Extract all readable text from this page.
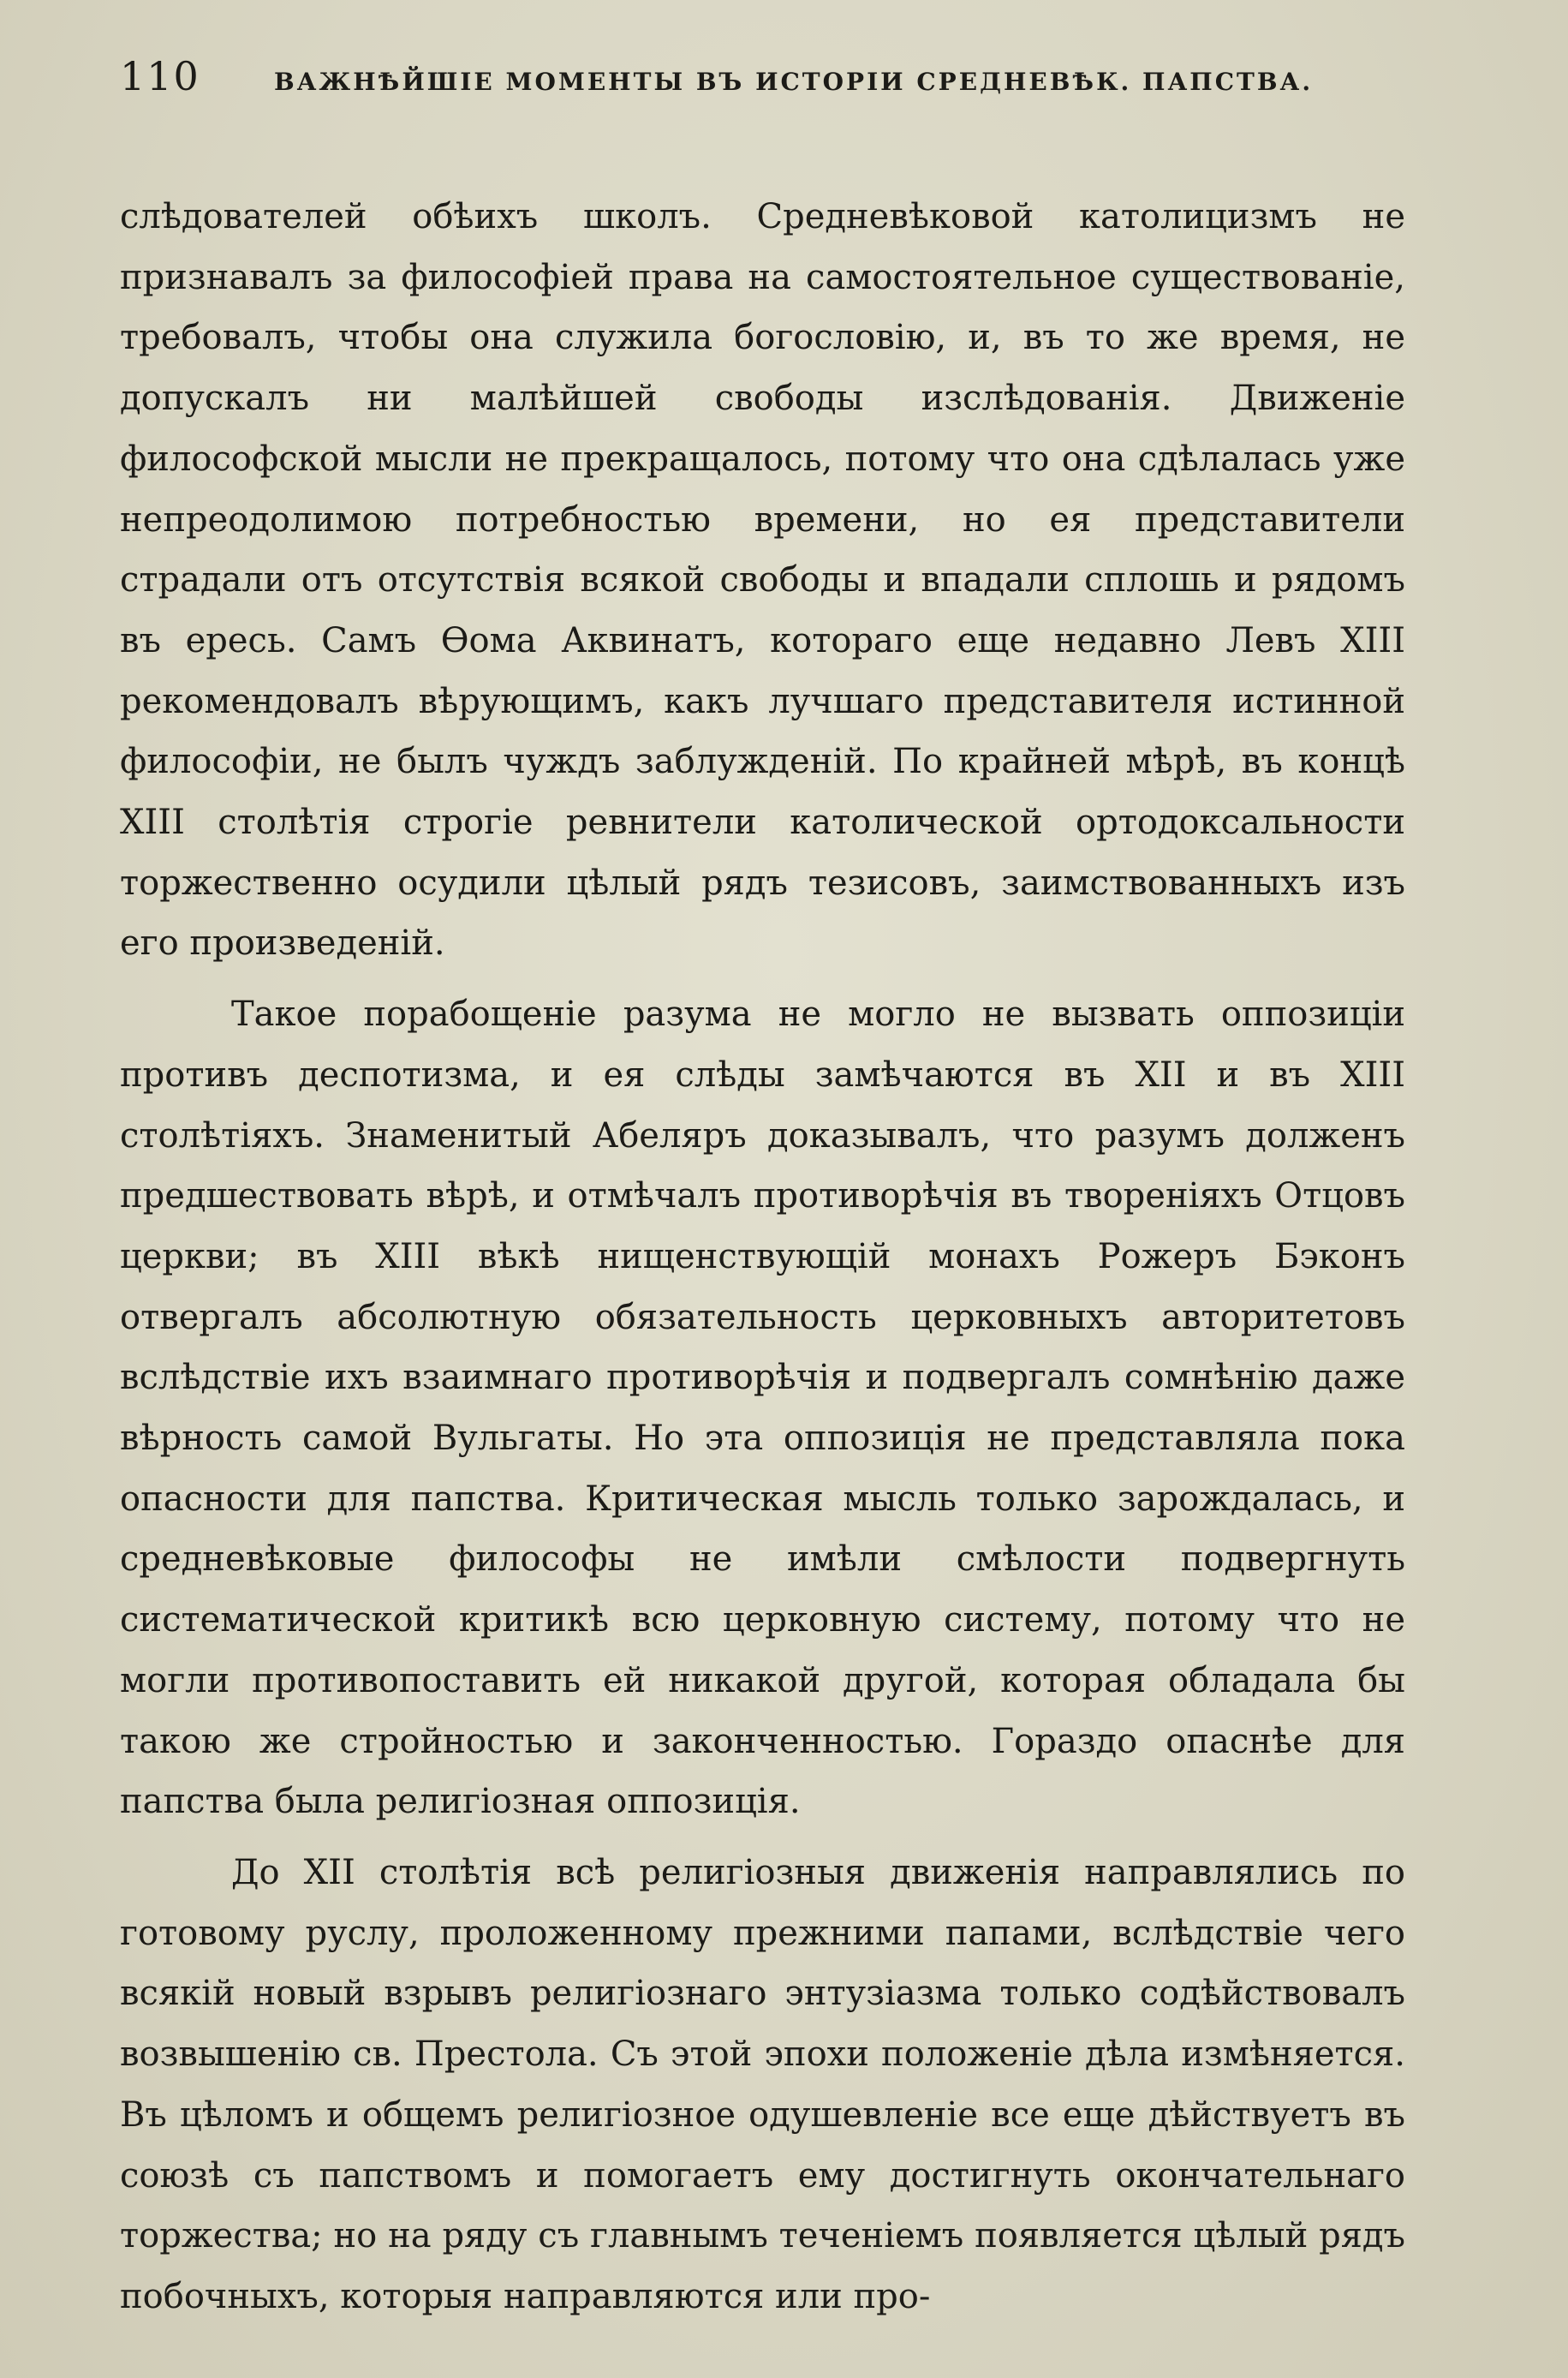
110	ВАЖНѢЙШІЕ МОМЕНТЫ ВЪ ИСТОРІИ СРЕДНЕВѢК. ПАПСТВА.

слѣдователей обѣихъ школъ. Средневѣковой католицизмъ не признавалъ за философіей права на самостоятельное существованіе, требовалъ, чтобы она служила богословію, и, въ то же время, не допускалъ ни малѣйшей свободы изслѣдованія. Движеніе философской мысли не прекращалось, потому что она сдѣлалась уже непреодолимою потребностью времени, но ея представители страдали отъ отсутствія всякой свободы и впадали сплошь и рядомъ въ ересь. Самъ Ѳома Аквинатъ, котораго еще недавно Левъ XIII рекомендовалъ вѣрующимъ, какъ лучшаго представителя истинной философіи, не былъ чуждъ заблужденій. По крайней мѣрѣ, въ концѣ XIII столѣтія строгіе ревнители католической ортодоксальности торжественно осудили цѣлый рядъ тезисовъ, заимствованныхъ изъ его произведеній.

Такое порабощеніе разума не могло не вызвать оппозиціи противъ деспотизма, и ея слѣды замѣчаются въ XII и въ XIII столѣтіяхъ. Знаменитый Абеляръ доказывалъ, что разумъ долженъ предшествовать вѣрѣ, и отмѣчалъ противорѣчія въ твореніяхъ Отцовъ церкви; въ XIII вѣкѣ нищенствующій монахъ Рожеръ Бэконъ отвергалъ абсолютную обязательность церковныхъ авторитетовъ вслѣдствіе ихъ взаимнаго противорѣчія и подвергалъ сомнѣнію даже вѣрность самой Вульгаты. Но эта оппозиція не представляла пока опасности для папства. Критическая мысль только зарождалась, и средневѣковые философы не имѣли смѣлости подвергнуть систематической критикѣ всю церковную систему, потому что не могли противопоставить ей никакой другой, которая обладала бы такою же стройностью и законченностью. Гораздо опаснѣе для папства была религіозная оппозиція.

До XII столѣтія всѣ религіозныя движенія направлялись по готовому руслу, проложенному прежними папами, вслѣдствіе чего всякій новый взрывъ религіознаго энтузіазма только содѣйствовалъ возвышенію св. Престола. Съ этой эпохи положеніе дѣла измѣняется. Въ цѣломъ и общемъ религіозное одушевленіе все еще дѣйствуетъ въ союзѣ съ папствомъ и помогаетъ ему достигнуть окончательнаго торжества; но на ряду съ главнымъ теченіемъ появляется цѣлый рядъ побочныхъ, которыя направляются или про-
